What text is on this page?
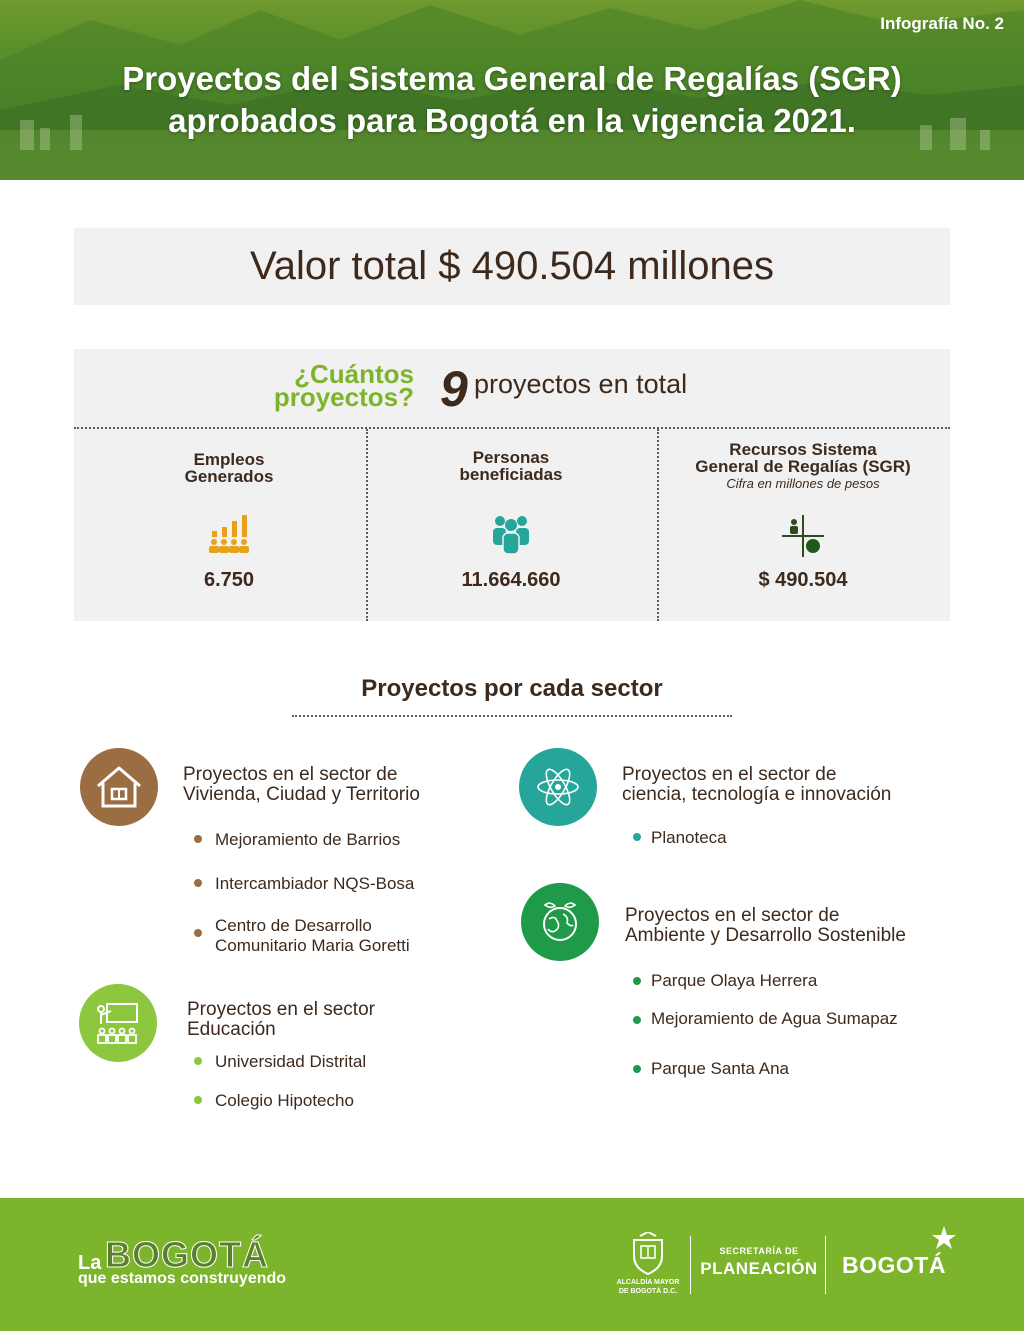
Infografía No. 2
Proyectos del Sistema General de Regalías (SGR)
aprobados para Bogotá en la vigencia 2021.
Valor total $ 490.504 millones
¿Cuántos
proyectos? 9 proyectos en total
Empleos
Generados
6.750
Personas
beneficiadas
11.664.660
Recursos Sistema
General de Regalías (SGR)
Cifra en millones de pesos
$ 490.504
Proyectos por cada sector
Proyectos en el sector de
Vivienda, Ciudad y Territorio
Mejoramiento de Barrios
Intercambiador NQS-Bosa
Centro de Desarrollo
Comunitario Maria Goretti
Proyectos en el sector
Educación
Universidad Distrital
Colegio Hipotecho
Proyectos en el sector de
ciencia, tecnología e innovación
Planoteca
Proyectos en el sector de
Ambiente y Desarrollo Sostenible
Parque Olaya Herrera
Mejoramiento de Agua Sumapaz
Parque Santa Ana
La BOGOTÁ
que estamos construyendo	ALCALDÍA MAYOR
DE BOGOTÁ D.C.
SECRETARÍA DE
PLANEACIÓN BOGOTÁ
